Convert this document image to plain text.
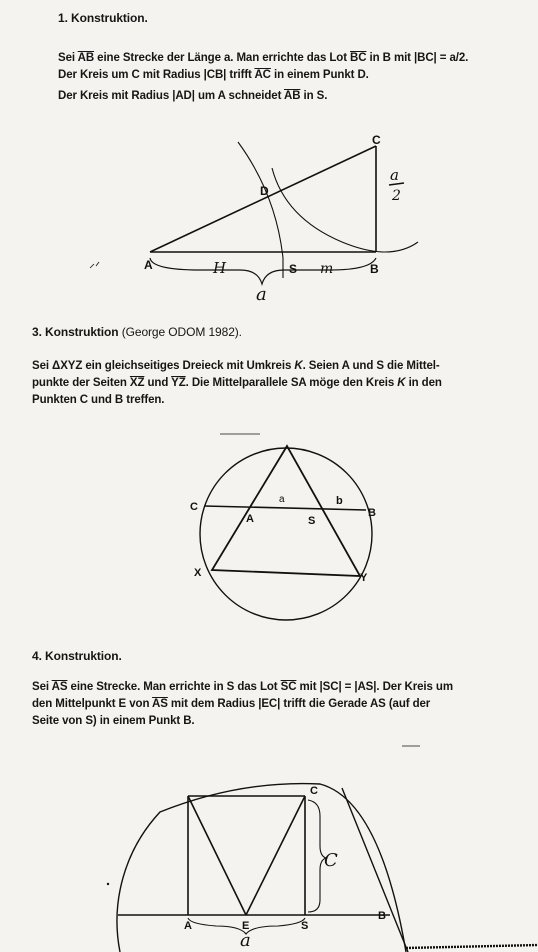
1. Konstruktion.
Sei $\overline{AB}$ eine Strecke der Länge a. Man errichte das Lot $\overline{BC}$ in B mit |BC| = a/2.
Der Kreis um C mit Radius |CB| trifft $\overline{AC}$ in einem Punkt D.
Der Kreis mit Radius |AD| um A schneidet $\overline{AB}$ in S.
A	B
C
D
S
H	m
a
a
2
3. Konstruktion (George ODOM 1982).
Sei ΔXYZ ein gleichseitiges Dreieck mit Umkreis K. Seien A und S die Mittel-
punkte der Seiten $\overline{XZ}$ und $\overline{YZ}$. Die Mittelparallele SA möge den Kreis K in den
Punkten C und B treffen.
C	B
A	S
X	Y
a	b
4. Konstruktion.
Sei $\overline{AS}$ eine Strecke. Man errichte in S das Lot $\overline{SC}$ mit |SC| = |AS|. Der Kreis um
den Mittelpunkt E von $\overline{AS}$ mit dem Radius |EC| trifft die Gerade AS (auf der
Seite von S) in einem Punkt B.
C
A	E	S
B
C
a
